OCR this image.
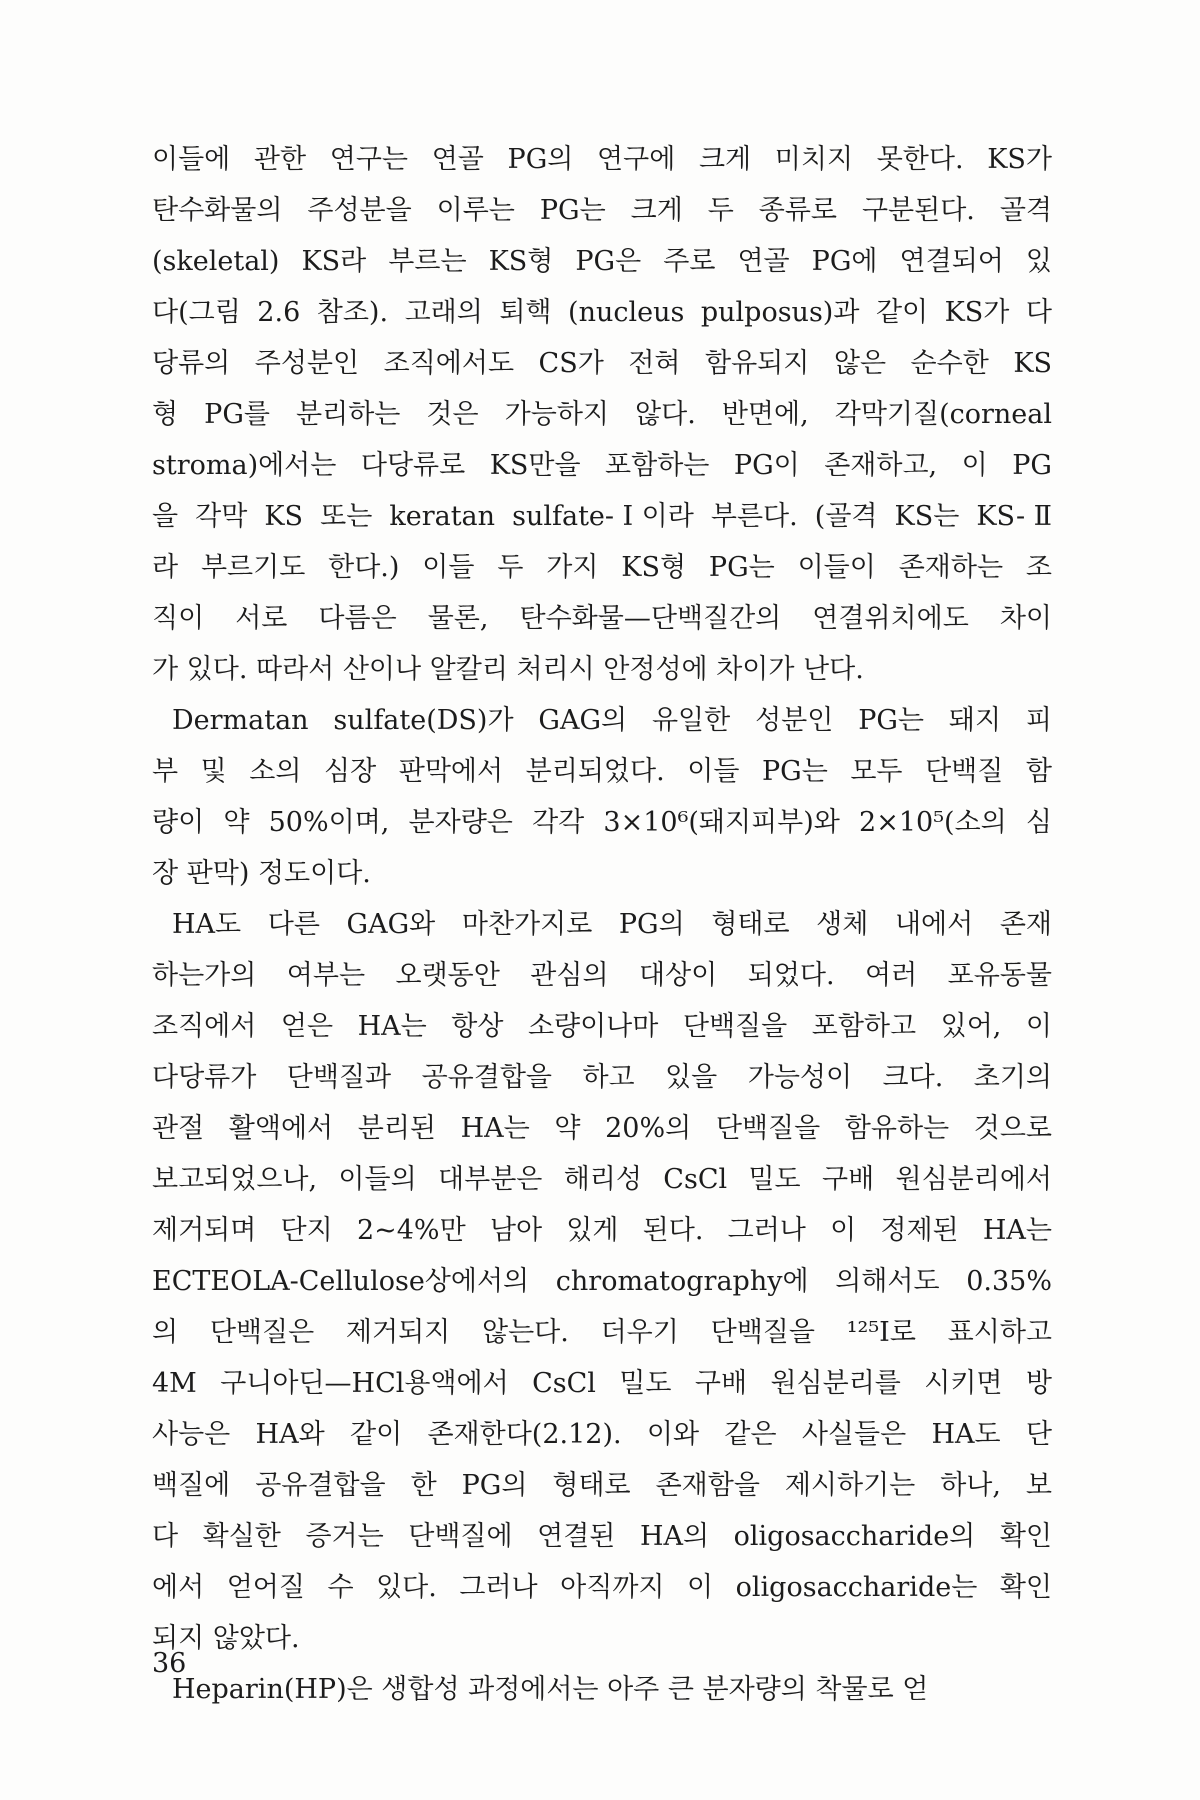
이들에 관한 연구는 연골 PG의 연구에 크게 미치지 못한다. KS가
탄수화물의 주성분을 이루는 PG는 크게 두 종류로 구분된다. 골격
(skeletal) KS라 부르는 KS형 PG은 주로 연골 PG에 연결되어 있
다(그림 2.6 참조). 고래의 퇴핵 (nucleus pulposus)과 같이 KS가 다
당류의 주성분인 조직에서도 CS가 전혀 함유되지 않은 순수한 KS
형 PG를 분리하는 것은 가능하지 않다. 반면에, 각막기질(corneal
stroma)에서는 다당류로 KS만을 포함하는 PG이 존재하고, 이 PG
을 각막 KS 또는 keratan sulfate-Ⅰ이라 부른다. (골격 KS는 KS-Ⅱ
라 부르기도 한다.) 이들 두 가지 KS형 PG는 이들이 존재하는 조
직이 서로 다름은 물론, 탄수화물—단백질간의 연결위치에도 차이
가 있다. 따라서 산이나 알칼리 처리시 안정성에 차이가 난다.
Dermatan sulfate(DS)가 GAG의 유일한 성분인 PG는 돼지 피
부 및 소의 심장 판막에서 분리되었다. 이들 PG는 모두 단백질 함
량이 약 50%이며, 분자량은 각각 3×10⁶(돼지피부)와 2×10⁵(소의 심
장 판막) 정도이다.
HA도 다른 GAG와 마찬가지로 PG의 형태로 생체 내에서 존재
하는가의 여부는 오랫동안 관심의 대상이 되었다. 여러 포유동물
조직에서 얻은 HA는 항상 소량이나마 단백질을 포함하고 있어, 이
다당류가 단백질과 공유결합을 하고 있을 가능성이 크다. 초기의
관절 활액에서 분리된 HA는 약 20%의 단백질을 함유하는 것으로
보고되었으나, 이들의 대부분은 해리성 CsCl 밀도 구배 원심분리에서
제거되며 단지 2~4%만 남아 있게 된다. 그러나 이 정제된 HA는
ECTEOLA-Cellulose상에서의 chromatography에 의해서도 0.35%
의 단백질은 제거되지 않는다. 더우기 단백질을 ¹²⁵I로 표시하고
4M 구니아딘—HCl용액에서 CsCl 밀도 구배 원심분리를 시키면 방
사능은 HA와 같이 존재한다(2.12). 이와 같은 사실들은 HA도 단
백질에 공유결합을 한 PG의 형태로 존재함을 제시하기는 하나, 보
다 확실한 증거는 단백질에 연결된 HA의 oligosaccharide의 확인
에서 얻어질 수 있다. 그러나 아직까지 이 oligosaccharide는 확인
되지 않았다.
Heparin(HP)은 생합성 과정에서는 아주 큰 분자량의 착물로 얻
36
